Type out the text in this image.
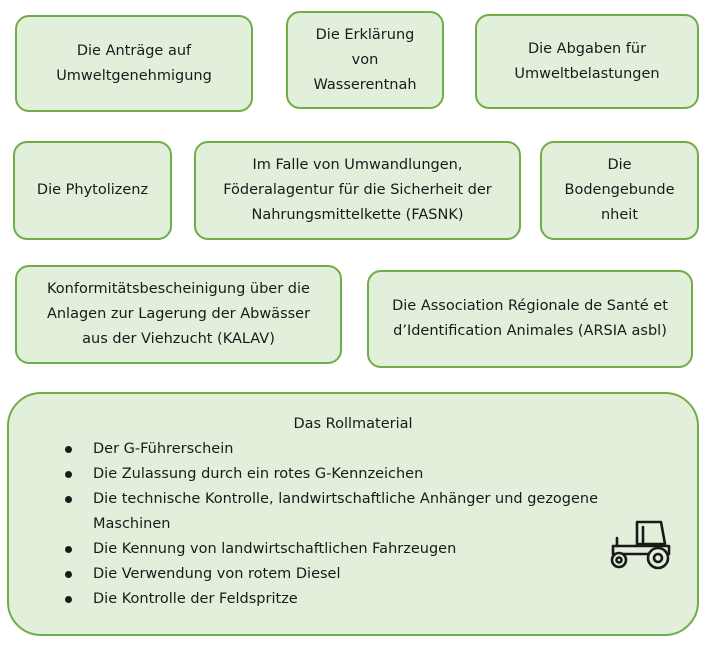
Die Anträge auf
Umweltgenehmigung
Die Erklärung
von
Wasserentnah
Die Abgaben für
Umweltbelastungen
Die Phytolizenz
Im Falle von Umwandlungen,
Föderalagentur für die Sicherheit der
Nahrungsmittelkette (FASNK)
Die
Bodengebunde
nheit
Konformitätsbescheinigung über die
Anlagen zur Lagerung der Abwässer
aus der Viehzucht (KALAV)
Die Association Régionale de Santé et
d’Identification Animales (ARSIA asbl)
Das Rollmaterial
Der G-Führerschein
Die Zulassung durch ein rotes G-Kennzeichen
Die technische Kontrolle, landwirtschaftliche Anhänger und gezogene Maschinen
Die Kennung von landwirtschaftlichen Fahrzeugen
Die Verwendung von rotem Diesel
Die Kontrolle der Feldspritze
